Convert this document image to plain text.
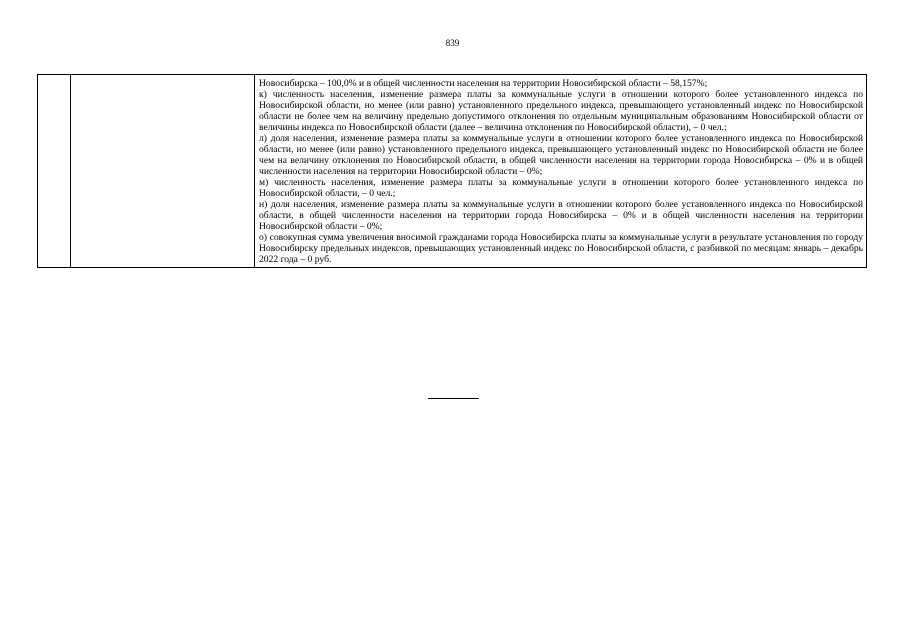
839

Новосибирска – 100,0% и в общей численности населения на территории Новосибирской области – 58,157%;

к) численность населения, изменение размера платы за коммунальные услуги в отношении которого более установленного индекса по Новосибирской области, но менее (или равно) установленного предельного индекса, превышающего установленный индекс по Новосибирской области не более чем на величину предельно допустимого отклонения по отдельным муниципальным образованиям Новосибирской области от величины индекса по Новосибирской области (далее – величина отклонения по Новосибирской области), – 0 чел.;

л) доля населения, изменение размера платы за коммунальные услуги в отношении которого более установленного индекса по Новосибирской области, но менее (или равно) установленного предельного индекса, превышающего установленный индекс по Новосибирской области не более чем на величину отклонения по Новосибирской области, в общей численности населения на территории города Новосибирска – 0% и в общей численности населения на территории Новосибирской области – 0%;

м) численность населения, изменение размера платы за коммунальные услуги в отношении которого более установленного индекса по Новосибирской области, – 0 чел.;

н) доля населения, изменение размера платы за коммунальные услуги в отношении которого более установленного индекса по Новосибирской области, в общей численности населения на территории города Новосибирска – 0% и в общей численности населения на территории Новосибирской области – 0%;

о) совокупная сумма увеличения вносимой гражданами города Новосибирска платы за коммунальные услуги в результате установления по городу Новосибирску предельных индексов, превышающих установленный индекс по Новосибирской области, с разбивкой по месяцам: январь – декабрь 2022 года – 0 руб.
